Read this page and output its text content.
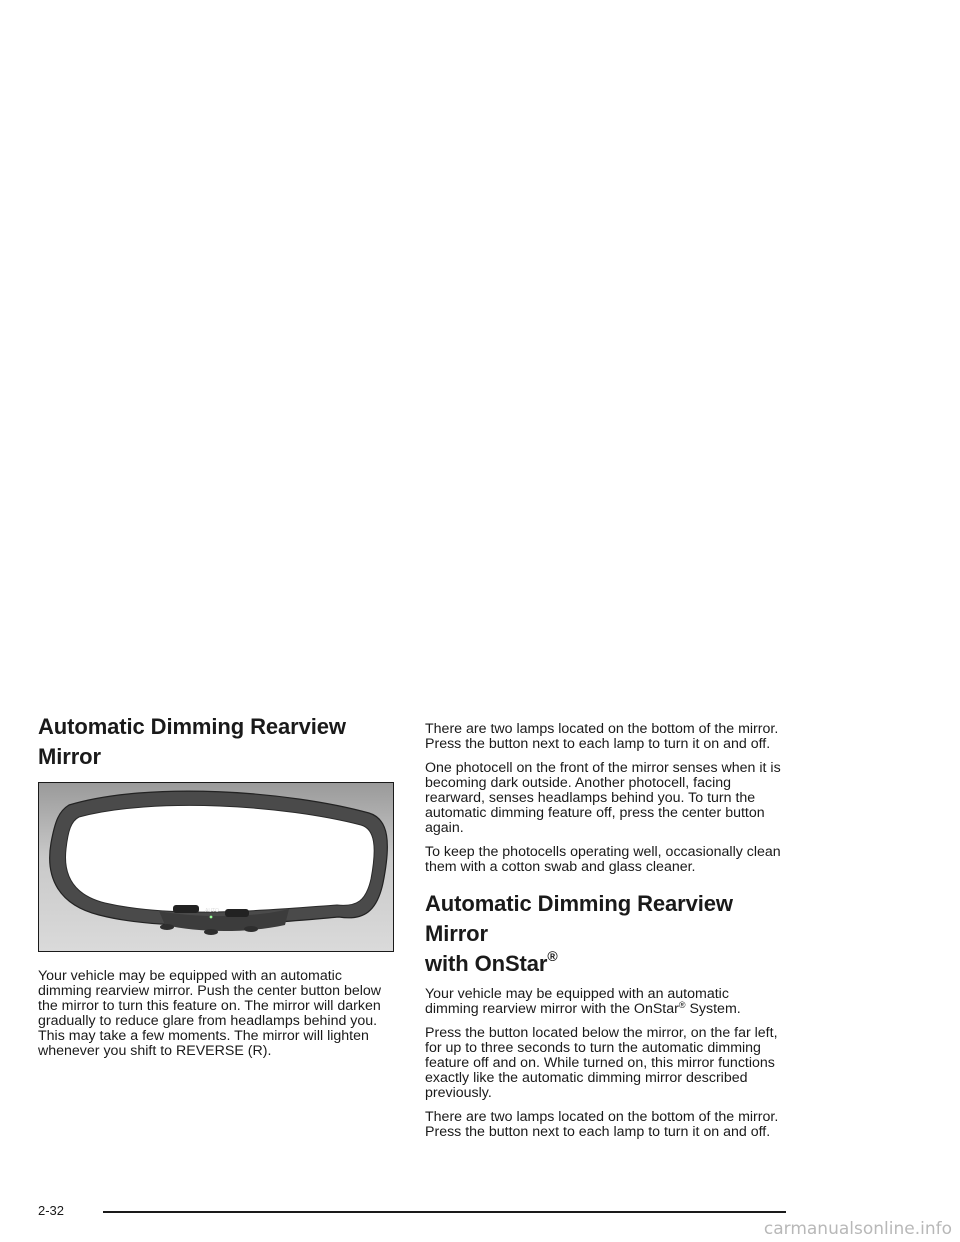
Automatic Dimming Rearview Mirror
AUTO

Your vehicle may be equipped with an automatic dimming rearview mirror. Push the center button below the mirror to turn this feature on. The mirror will darken gradually to reduce glare from headlamps behind you. This may take a few moments. The mirror will lighten whenever you shift to REVERSE (R).

There are two lamps located on the bottom of the mirror. Press the button next to each lamp to turn it on and off.

One photocell on the front of the mirror senses when it is becoming dark outside. Another photocell, facing rearward, senses headlamps behind you. To turn the automatic dimming feature off, press the center button again.

To keep the photocells operating well, occasionally clean them with a cotton swab and glass cleaner.

Automatic Dimming Rearview Mirror
with OnStar®

Your vehicle may be equipped with an automatic dimming rearview mirror with the OnStar® System.

Press the button located below the mirror, on the far left, for up to three seconds to turn the automatic dimming feature off and on. While turned on, this mirror functions exactly like the automatic dimming mirror described previously.

There are two lamps located on the bottom of the mirror. Press the button next to each lamp to turn it on and off.

2-32
carmanualsonline.info
